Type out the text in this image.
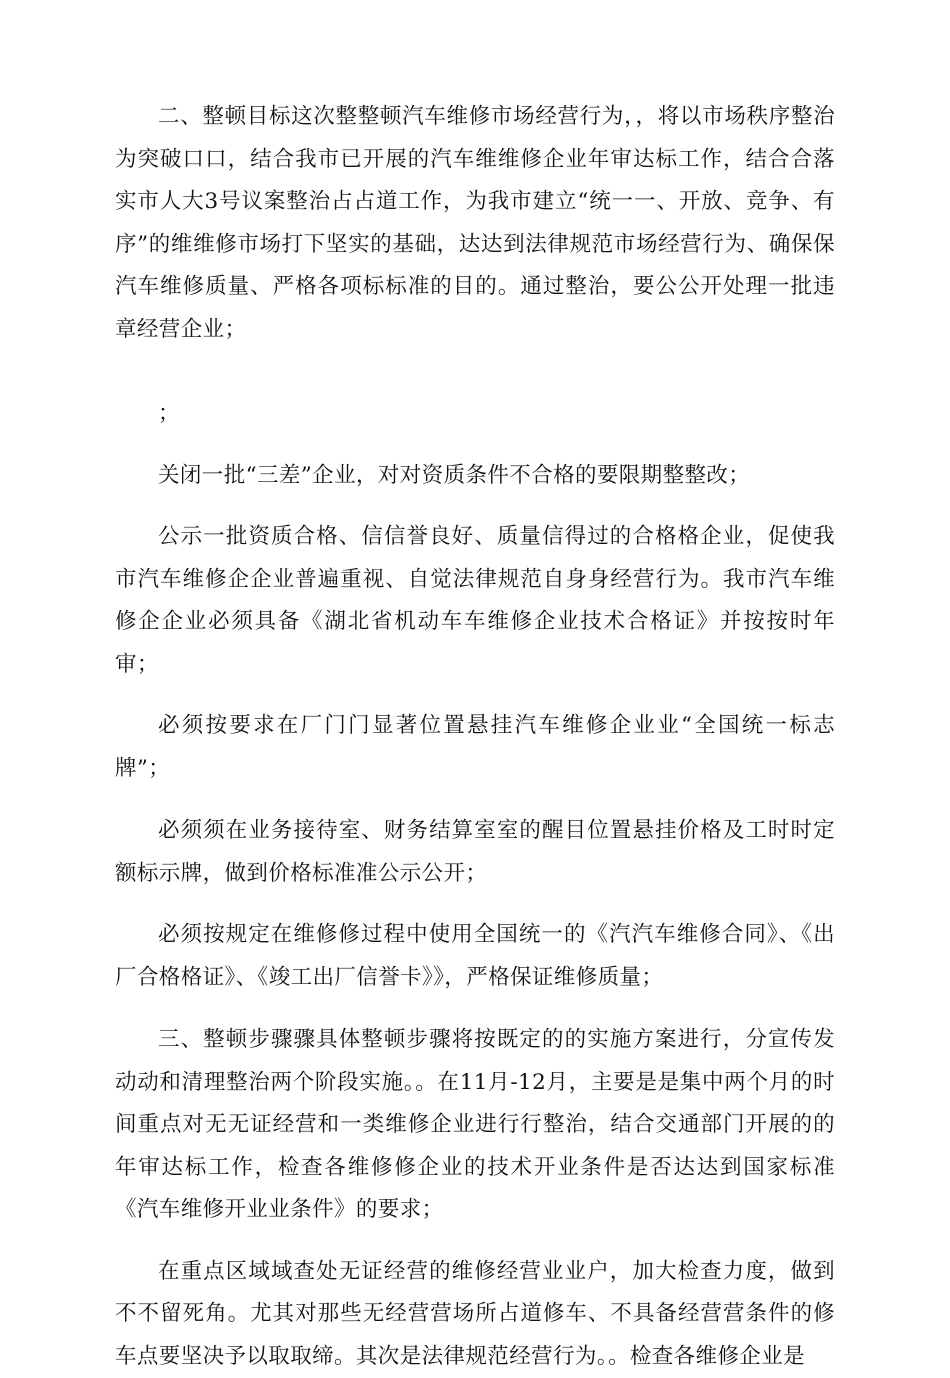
二、整顿目标这次整整顿汽车维修市场经营行为，，将以市场秩序整治为突破口口，结合我市已开展的汽车维维修企业年审达标工作，结合合落实市人大3号议案整治占占道工作，为我市建立“统一一、开放、竞争、有序”的维维修市场打下坚实的基础，达达到法律规范市场经营行为、确保保汽车维修质量、严格各项标标准的目的。通过整治，要公公开处理一批违章经营企业；

；

关闭一批“三差”企业，对对资质条件不合格的要限期整整改；

公示一批资质合格、信信誉良好、质量信得过的合格格企业，促使我市汽车维修企企业普遍重视、自觉法律规范自身身经营行为。我市汽车维修企企业必须具备《湖北省机动车车维修企业技术合格证》并按按时年审；

必须按要求在厂门门显著位置悬挂汽车维修企业业“全国统一标志牌”；

必须须在业务接待室、财务结算室室的醒目位置悬挂价格及工时时定额标示牌，做到价格标准准公示公开；

必须按规定在维修修过程中使用全国统一的《汽汽车维修合同》、《出厂合格格证》、《竣工出厂信誉卡》》，严格保证维修质量；

三、整顿步骤骤具体整顿步骤将按既定的的实施方案进行，分宣传发动动和清理整治两个阶段实施。。在11月-12月，主要是是集中两个月的时间重点对无无证经营和一类维修企业进行行整治，结合交通部门开展的的年审达标工作，检查各维修修企业的技术开业条件是否达达到国家标准《汽车维修开业业条件》的要求；

在重点区域域查处无证经营的维修经营业业户，加大检查力度，做到不不留死角。尤其对那些无经营营场所占道修车、不具备经营营条件的修车点要坚决予以取取缔。其次是法律规范经营行为。。检查各维修企业是
